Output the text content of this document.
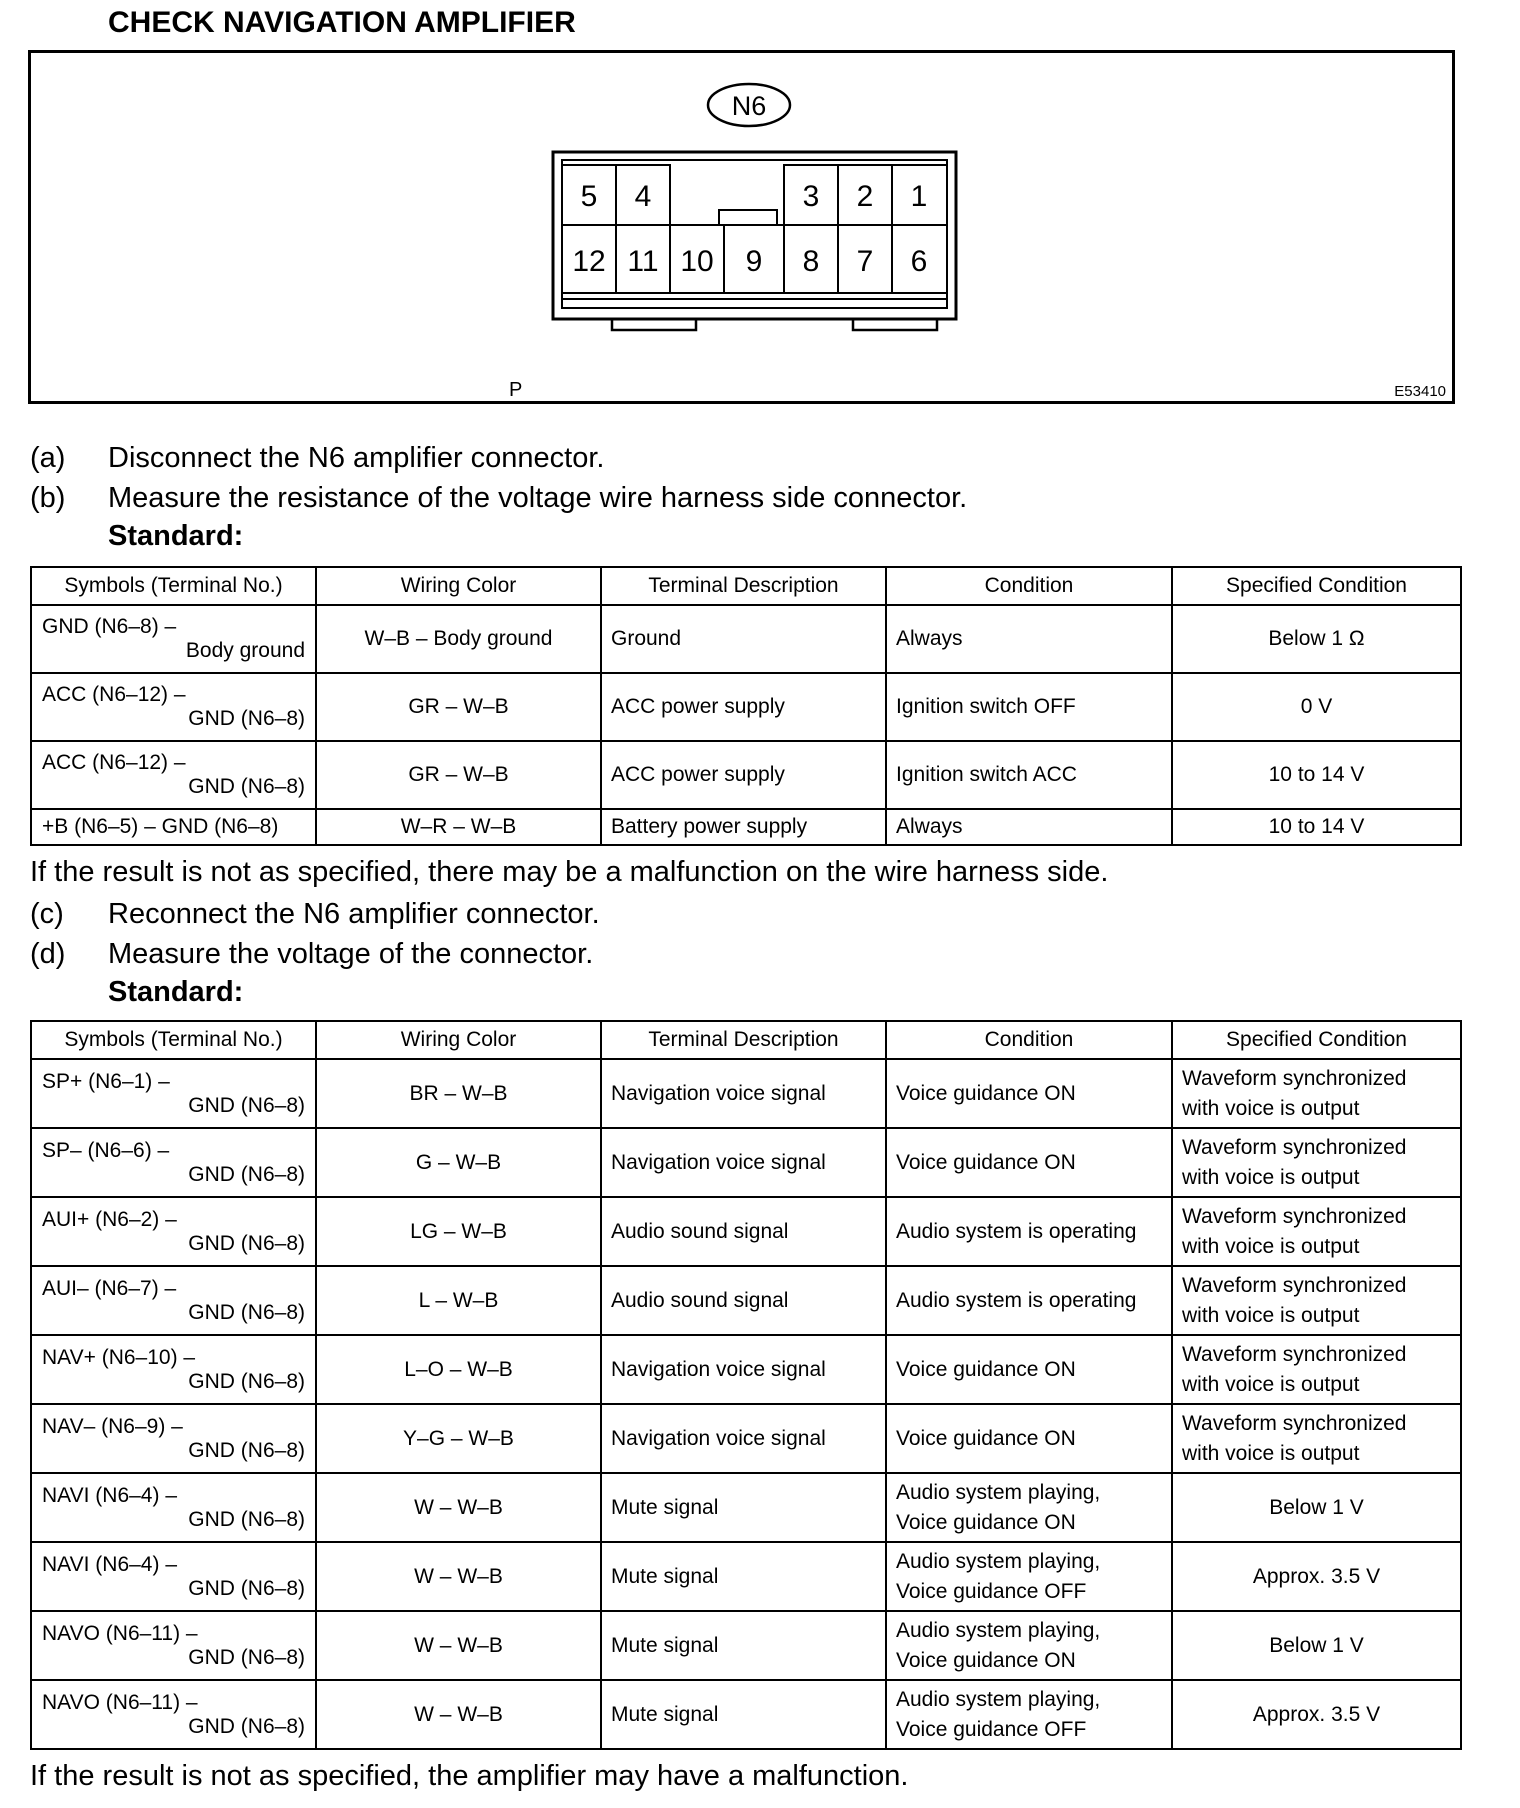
CHECK NAVIGATION AMPLIFIER
N6
5 4	3 2 1
12 11 10 9 8 7 6
P	E53410
(a) Disconnect the N6 amplifier connector.
(b) Measure the resistance of the voltage wire harness side connector.
Standard:
Symbols (Terminal No.)	Wiring Color	Terminal Description	Condition	Specified Condition

GND (N6–8) –
Body ground	W–B – Body ground	Ground	Always	Below 1 Ω

ACC (N6–12) –
GND (N6–8)	GR – W–B	ACC power supply	Ignition switch OFF	0 V

ACC (N6–12) –
GND (N6–8)	GR – W–B	ACC power supply	Ignition switch ACC	10 to 14 V
+B (N6–5) – GND (N6–8)	W–R – W–B	Battery power supply	Always	10 to 14 V
If the result is not as specified, there may be a malfunction on the wire harness side.
(c) Reconnect the N6 amplifier connector.
(d) Measure the voltage of the connector.
Standard:
Symbols (Terminal No.)	Wiring Color	Terminal Description	Condition	Specified Condition

SP+ (N6–1) –
GND (N6–8)	BR – W–B	Navigation voice signal	Voice guidance ON	Waveform synchronized
with voice is output

SP– (N6–6) –
GND (N6–8)	G – W–B	Navigation voice signal	Voice guidance ON	Waveform synchronized
with voice is output

AUI+ (N6–2) –
GND (N6–8)	LG – W–B	Audio sound signal	Audio system is operating	Waveform synchronized
with voice is output

AUI– (N6–7) –
GND (N6–8)	L – W–B	Audio sound signal	Audio system is operating	Waveform synchronized
with voice is output

NAV+ (N6–10) –
GND (N6–8)	L–O – W–B	Navigation voice signal	Voice guidance ON	Waveform synchronized
with voice is output

NAV– (N6–9) –
GND (N6–8)	Y–G – W–B	Navigation voice signal	Voice guidance ON	Waveform synchronized
with voice is output

NAVI (N6–4) –
GND (N6–8)	W – W–B	Mute signal	Audio system playing,
Voice guidance ON	Below 1 V

NAVI (N6–4) –
GND (N6–8)	W – W–B	Mute signal	Audio system playing,
Voice guidance OFF	Approx. 3.5 V

NAVO (N6–11) –
GND (N6–8)	W – W–B	Mute signal	Audio system playing,
Voice guidance ON	Below 1 V

NAVO (N6–11) –
GND (N6–8)	W – W–B	Mute signal	Audio system playing,
Voice guidance OFF	Approx. 3.5 V
If the result is not as specified, the amplifier may have a malfunction.
